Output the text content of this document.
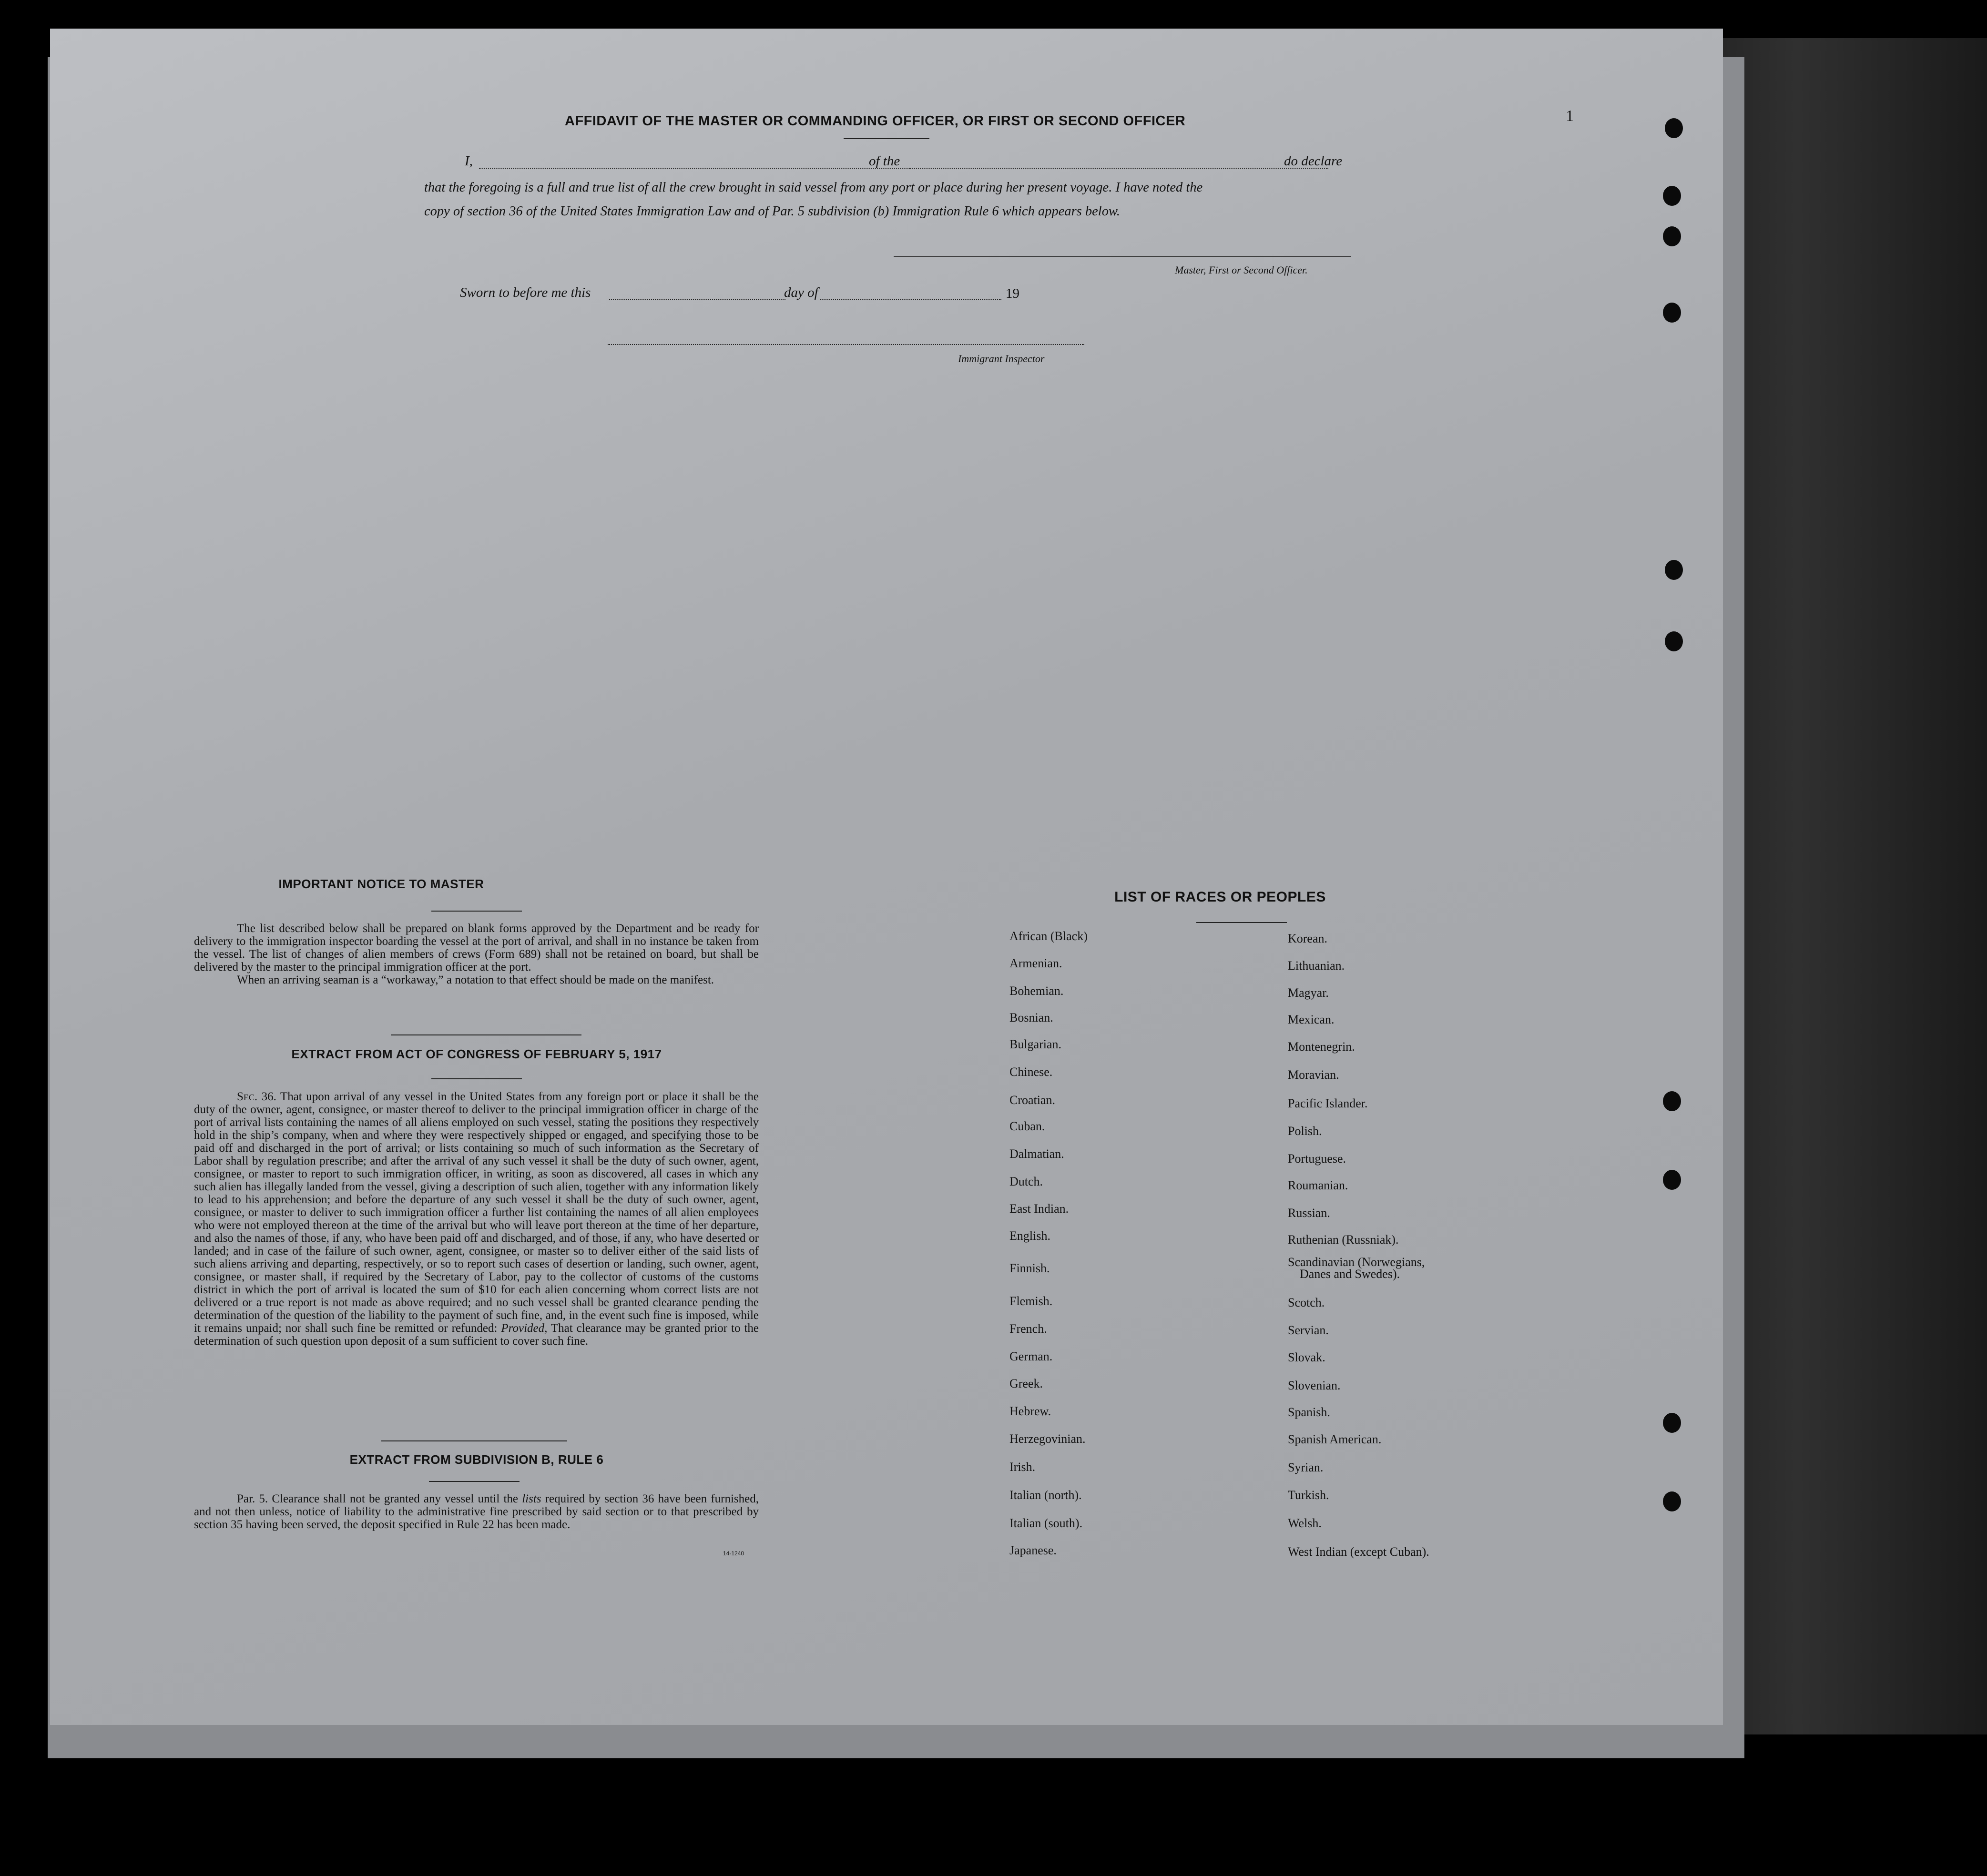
1
AFFIDAVIT OF THE MASTER OR COMMANDING OFFICER, OR FIRST OR SECOND OFFICER
I,	of the	do declare
that the foregoing is a full and true list of all the crew brought in said vessel from any port or place during her present voyage. I have noted the
copy of section 36 of the United States Immigration Law and of Par. 5 subdivision (b) Immigration Rule 6 which appears below.
Master, First or Second Officer.
Sworn to before me this	day of	19
Immigrant Inspector
IMPORTANT NOTICE TO MASTER

The list described below shall be prepared on blank forms approved by the Department and be ready for delivery to the immigration inspector boarding the vessel at the port of arrival, and shall in no instance be taken from the vessel. The list of changes of alien members of crews (Form 689) shall not be retained on board, but shall be delivered by the master to the principal immigration officer at the port.

When an arriving seaman is a “workaway,” a notation to that effect should be made on the manifest.

EXTRACT FROM ACT OF CONGRESS OF FEBRUARY 5, 1917

Sec. 36. That upon arrival of any vessel in the United States from any foreign port or place it shall be the duty of the owner, agent, consignee, or master thereof to deliver to the principal immigration officer in charge of the port of arrival lists containing the names of all aliens employed on such vessel, stating the positions they respectively hold in the ship’s company, when and where they were respectively shipped or engaged, and specifying those to be paid off and discharged in the port of arrival; or lists containing so much of such information as the Secretary of Labor shall by regulation prescribe; and after the arrival of any such vessel it shall be the duty of such owner, agent, consignee, or master to report to such immigration officer, in writing, as soon as discovered, all cases in which any such alien has illegally landed from the vessel, giving a description of such alien, together with any information likely to lead to his apprehension; and before the departure of any such vessel it shall be the duty of such owner, agent, consignee, or master to deliver to such immigration officer a further list containing the names of all alien employees who were not employed thereon at the time of the arrival but who will leave port thereon at the time of her departure, and also the names of those, if any, who have been paid off and discharged, and of those, if any, who have deserted or landed; and in case of the failure of such owner, agent, consignee, or master so to deliver either of the said lists of such aliens arriving and departing, respectively, or so to report such cases of desertion or landing, such owner, agent, consignee, or master shall, if required by the Secretary of Labor, pay to the collector of customs of the customs district in which the port of arrival is located the sum of $10 for each alien concerning whom correct lists are not delivered or a true report is not made as above required; and no such vessel shall be granted clearance pending the determination of the question of the liability to the payment of such fine, and, in the event such fine is imposed, while it remains unpaid; nor shall such fine be remitted or refunded: Provided, That clearance may be granted prior to the determination of such question upon deposit of a sum sufficient to cover such fine.

EXTRACT FROM SUBDIVISION B, RULE 6

Par. 5. Clearance shall not be granted any vessel until the lists required by section 36 have been furnished, and not then unless, notice of liability to the administrative fine prescribed by said section or to that prescribed by section 35 having been served, the deposit specified in Rule 22 has been made.

14-1240
LIST OF RACES OR PEOPLES
African (Black)
Armenian.
Bohemian.
Bosnian.
Bulgarian.
Chinese.
Croatian.
Cuban.
Dalmatian.
Dutch.
East Indian.
English.
Finnish.
Flemish.
French.
German.
Greek.
Hebrew.
Herzegovinian.
Irish.
Italian (north).
Italian (south).
Japanese.
Korean.
Lithuanian.
Magyar.
Mexican.
Montenegrin.
Moravian.
Pacific Islander.
Polish.
Portuguese.
Roumanian.
Russian.
Ruthenian (Russniak).
Scandinavian (Norwegians,
Danes and Swedes).
Scotch.
Servian.
Slovak.
Slovenian.
Spanish.
Spanish American.
Syrian.
Turkish.
Welsh.
West Indian (except Cuban).
